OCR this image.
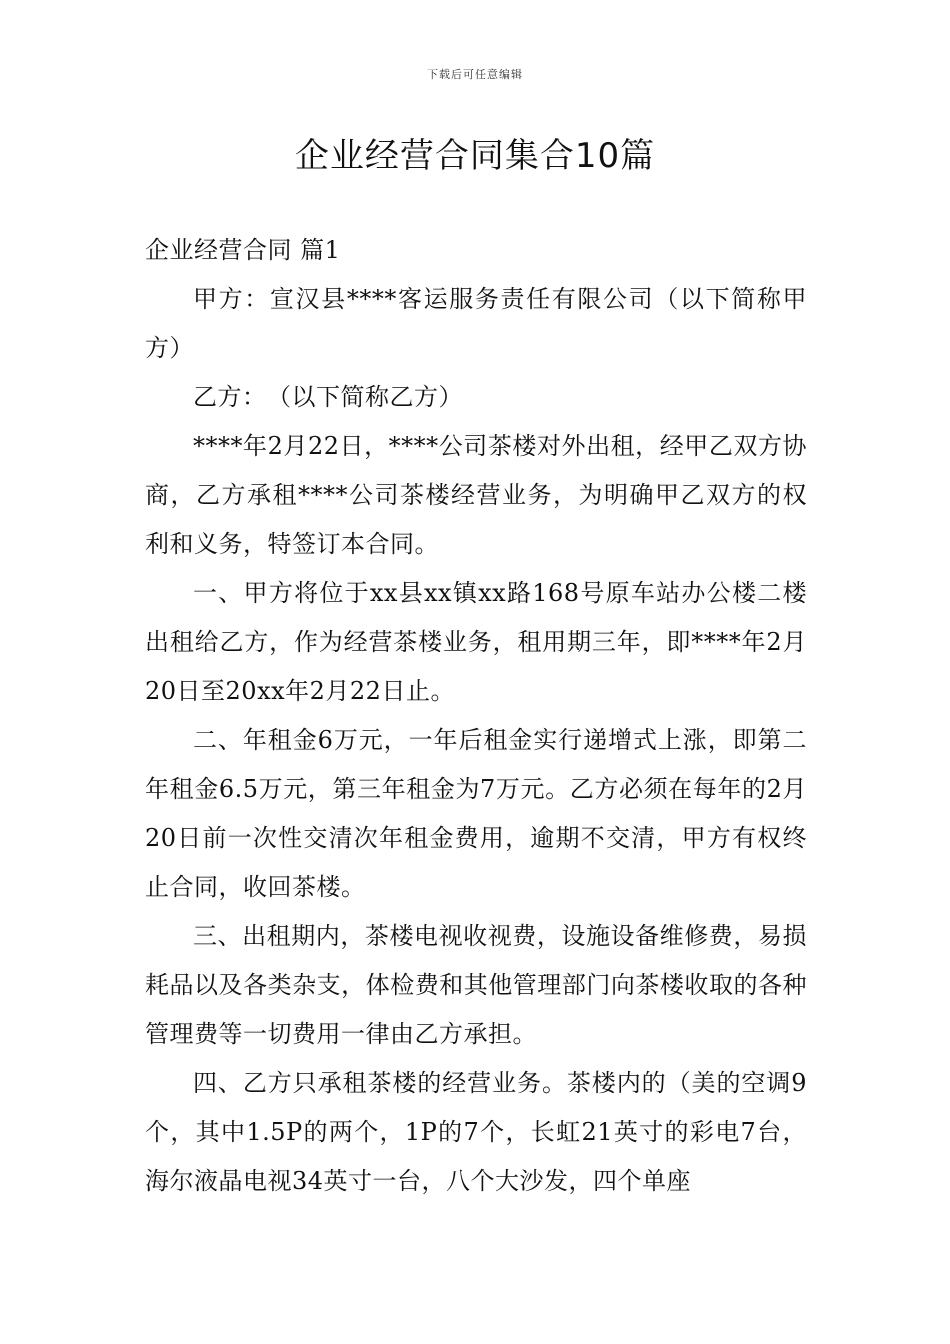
下载后可任意编辑
企业经营合同集合10篇

企业经营合同 篇1

甲方：宣汉县****客运服务责任有限公司（以下简称甲方）

乙方：　（以下简称乙方）

****年2月22日，****公司茶楼对外出租，经甲乙双方协商，乙方承租****公司茶楼经营业务，为明确甲乙双方的权利和义务，特签订本合同。

一、甲方将位于xx县xx镇xx路168号原车站办公楼二楼出租给乙方，作为经营茶楼业务，租用期三年，即****年2月20日至20xx年2月22日止。

二、年租金6万元，一年后租金实行递增式上涨，即第二年租金6.5万元，第三年租金为7万元。乙方必须在每年的2月20日前一次性交清次年租金费用，逾期不交清，甲方有权终止合同，收回茶楼。

三、出租期内，茶楼电视收视费，设施设备维修费，易损耗品以及各类杂支，体检费和其他管理部门向茶楼收取的各种管理费等一切费用一律由乙方承担。

四、乙方只承租茶楼的经营业务。茶楼内的（美的空调9个，其中1.5P的两个，1P的7个，长虹21英寸的彩电7台，海尔液晶电视34英寸一台，八个大沙发，四个单座
